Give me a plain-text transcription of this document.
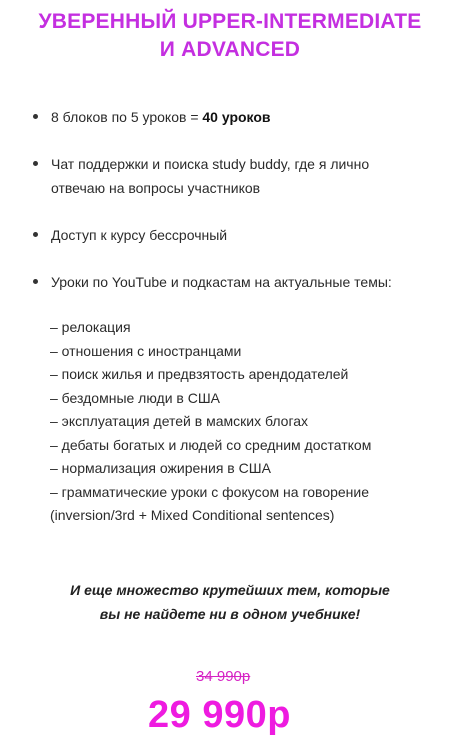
УВЕРЕННЫЙ UPPER-INTERMEDIATE
И ADVANCED
8 блоков по 5 уроков = 40 уроков
Чат поддержки и поиска study buddy, где я лично
отвечаю на вопросы участников
Доступ к курсу бессрочный
Уроки по YouTube и подкастам на актуальные темы:
– релокация
– отношения с иностранцами
– поиск жилья и предвзятость арендодателей
– бездомные люди в США
– эксплуатация детей в мамских блогах
– дебаты богатых и людей со средним достатком
– нормализация ожирения в США
– грамматические уроки с фокусом на говорение
(inversion/3rd + Mixed Conditional sentences)
И еще множество крутейших тем, которые
вы не найдете ни в одном учебнике!
34 990р
29 990р
